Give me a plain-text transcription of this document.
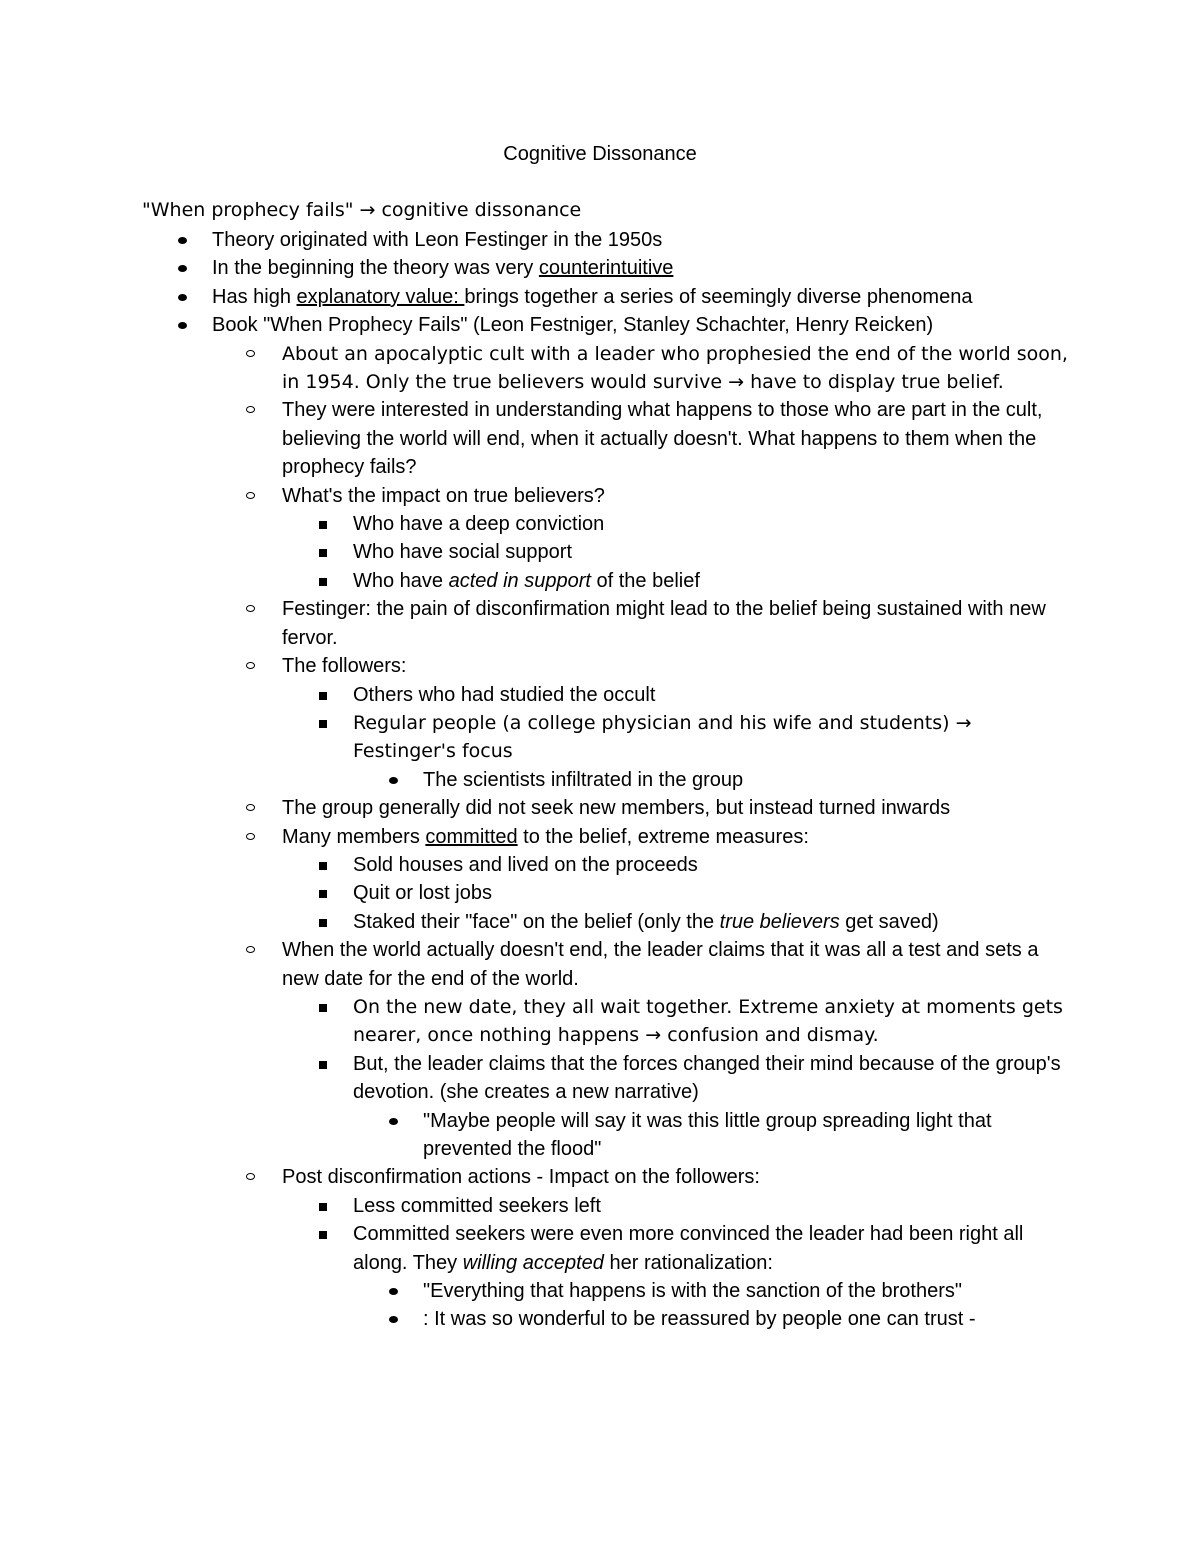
Cognitive Dissonance
"When prophecy fails" → cognitive dissonance
Theory originated with Leon Festinger in the 1950s
In the beginning the theory was very counterintuitive
Has high explanatory value: brings together a series of seemingly diverse phenomena
Book "When Prophecy Fails" (Leon Festniger, Stanley Schachter, Henry Reicken)
About an apocalyptic cult with a leader who prophesied the end of the world soon, in 1954. Only the true believers would survive → have to display true belief.
They were interested in understanding what happens to those who are part in the cult, believing the world will end, when it actually doesn't. What happens to them when the prophecy fails?
What's the impact on true believers?
Who have a deep conviction
Who have social support
Who have acted in support of the belief
Festinger: the pain of disconfirmation might lead to the belief being sustained with new fervor.
The followers:
Others who had studied the occult
Regular people (a college physician and his wife and students) → Festinger's focus
The scientists infiltrated in the group
The group generally did not seek new members, but instead turned inwards
Many members committed to the belief, extreme measures:
Sold houses and lived on the proceeds
Quit or lost jobs
Staked their "face" on the belief (only the true believers get saved)
When the world actually doesn't end, the leader claims that it was all a test and sets a new date for the end of the world.
On the new date, they all wait together. Extreme anxiety at moments gets nearer, once nothing happens → confusion and dismay.
But, the leader claims that the forces changed their mind because of the group's devotion. (she creates a new narrative)
"Maybe people will say it was this little group spreading light that prevented the flood"
Post disconfirmation actions - Impact on the followers:
Less committed seekers left
Committed seekers were even more convinced the leader had been right all along. They willing accepted her rationalization:
"Everything that happens is with the sanction of the brothers"
: It was so wonderful to be reassured by people one can trust -
